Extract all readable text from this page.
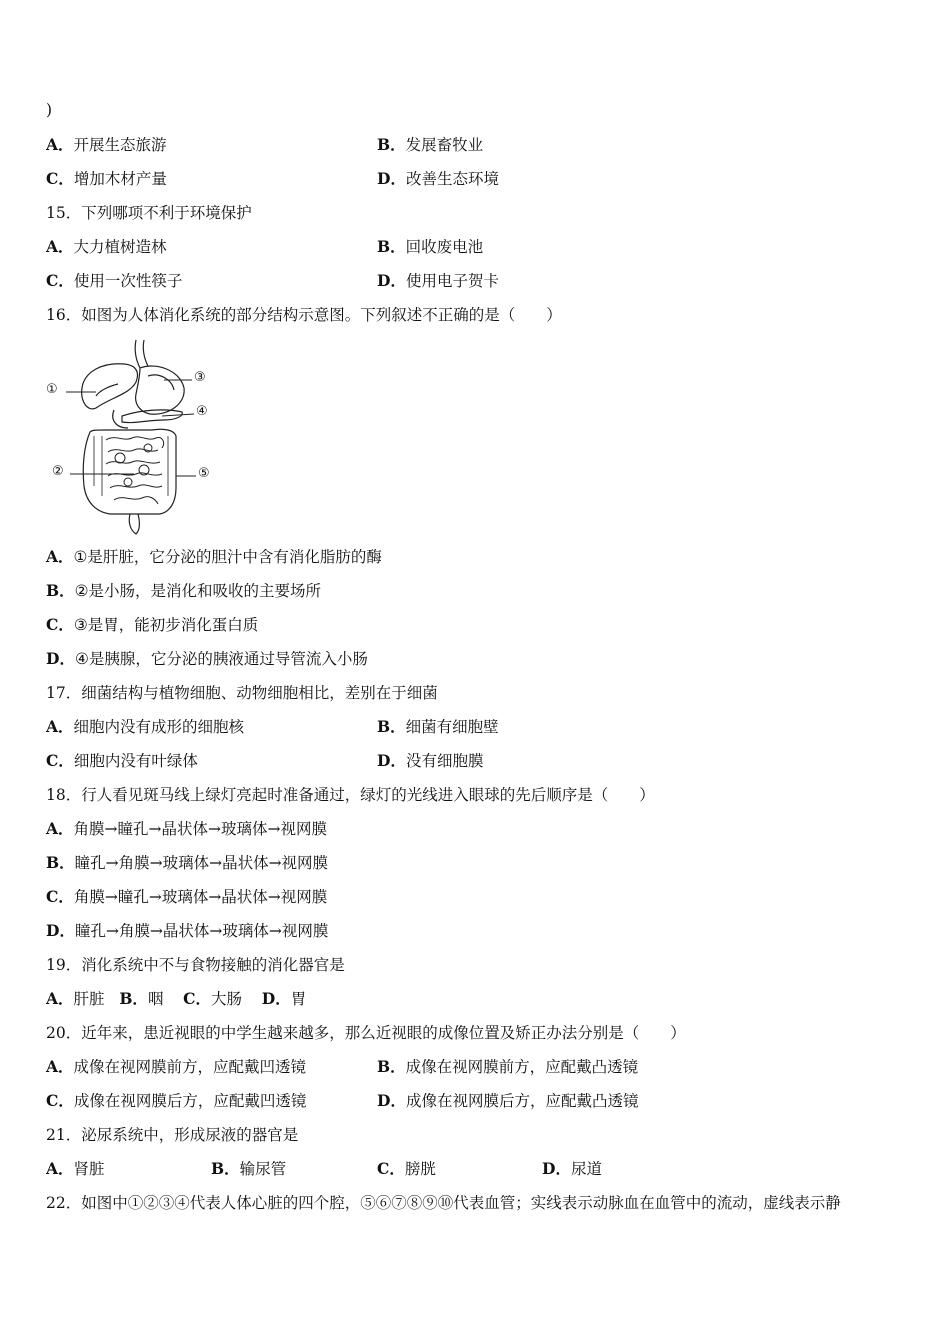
)
A．开展生态旅游	B．发展畜牧业
C．增加木材产量	D．改善生态环境
15．下列哪项不利于环境保护
A．大力植树造林	B．回收废电池
C．使用一次性筷子	D．使用电子贺卡
16．如图为人体消化系统的部分结构示意图。下列叙述不正确的是（　　）
①
②
③
④
⑤
A．①是肝脏，它分泌的胆汁中含有消化脂肪的酶
B．②是小肠，是消化和吸收的主要场所
C．③是胃，能初步消化蛋白质
D．④是胰腺，它分泌的胰液通过导管流入小肠
17．细菌结构与植物细胞、动物细胞相比，差别在于细菌
A．细胞内没有成形的细胞核	B．细菌有细胞壁
C．细胞内没有叶绿体	D．没有细胞膜
18．行人看见斑马线上绿灯亮起时准备通过，绿灯的光线进入眼球的先后顺序是（　　）
A．角膜→瞳孔→晶状体→玻璃体→视网膜
B．瞳孔→角膜→玻璃体→晶状体→视网膜
C．角膜→瞳孔→玻璃体→晶状体→视网膜
D．瞳孔→角膜→晶状体→玻璃体→视网膜
19．消化系统中不与食物接触的消化器官是
A．肝脏 B．咽 C．大肠 D．胃
20．近年来，患近视眼的中学生越来越多，那么近视眼的成像位置及矫正办法分别是（　　）
A．成像在视网膜前方，应配戴凹透镜	B．成像在视网膜前方，应配戴凸透镜
C．成像在视网膜后方，应配戴凹透镜	D．成像在视网膜后方，应配戴凸透镜
21．泌尿系统中，形成尿液的器官是
A．肾脏	B．输尿管	C．膀胱	D．尿道
22．如图中①②③④代表人体心脏的四个腔，⑤⑥⑦⑧⑨⑩代表血管；实线表示动脉血在血管中的流动，虚线表示静
